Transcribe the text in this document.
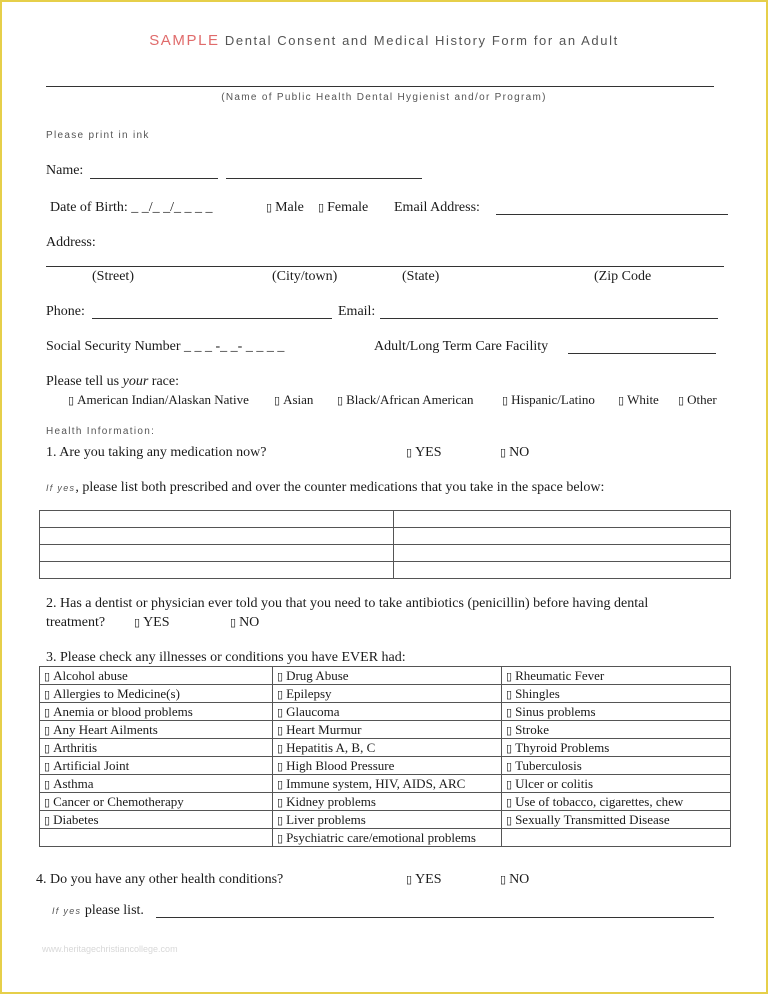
SAMPLE Dental Consent and Medical History Form for an Adult
(Name of Public Health Dental Hygienist and/or Program)
Please print in ink
Name:
Date of Birth: _ _/_ _/_ _ _ _	▯ Male ▯ Female Email Address:
Address:
(Street)	(City/town)	(State)	(Zip Code
Phone:	Email:
Social Security Number _ _ _ -_ _- _ _ _ _	Adult/Long Term Care Facility
Please tell us your race:
▯ American Indian/Alaskan Native ▯ Asian ▯ Black/African American	▯ Hispanic/Latino ▯ White ▯ Other
Health Information:
1. Are you taking any medication now?	▯ YES	▯ NO
If yes, please list both prescribed and over the counter medications that you take in the space below:

2. Has a dentist or physician ever told you that you need to take antibiotics (penicillin) before having dental
treatment?	▯ YES	▯ NO
3. Please check any illnesses or conditions you have EVER had:
▯ Alcohol abuse	▯ Drug Abuse	▯ Rheumatic Fever
▯ Allergies to Medicine(s)	▯ Epilepsy	▯ Shingles
▯ Anemia or blood problems	▯ Glaucoma	▯ Sinus problems
▯ Any Heart Ailments	▯ Heart Murmur	▯ Stroke
▯ Arthritis	▯ Hepatitis A, B, C	▯ Thyroid Problems
▯ Artificial Joint	▯ High Blood Pressure	▯ Tuberculosis
▯ Asthma	▯ Immune system, HIV, AIDS, ARC	▯ Ulcer or colitis
▯ Cancer or Chemotherapy	▯ Kidney problems	▯ Use of tobacco, cigarettes, chew
▯ Diabetes	▯ Liver problems	▯ Sexually Transmitted Disease
	▯ Psychiatric care/emotional problems	
4. Do you have any other health conditions?	▯ YES	▯ NO
If yes please list.
www.heritagechristiancollege.com
